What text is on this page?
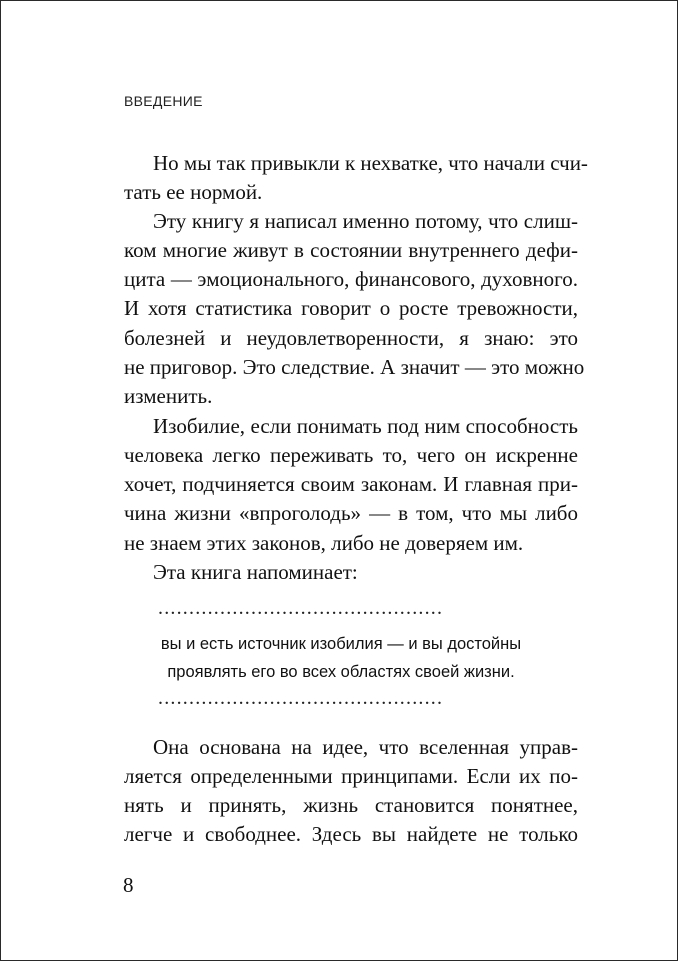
ВВЕДЕНИЕ
Но мы так привыкли к нехватке, что начали счи-
тать ее нормой.
Эту книгу я написал именно потому, что слиш-
ком многие живут в состоянии внутреннего дефи-
цита — эмоционального, финансового, духовного.
И хотя статистика говорит о росте тревожности,
болезней и неудовлетворенности, я знаю: это
не приговор. Это следствие. А значит — это можно
изменить.
Изобилие, если понимать под ним способность
человека легко переживать то, чего он искренне
хочет, подчиняется своим законам. И главная при-
чина жизни «впроголодь» — в том, что мы либо
не знаем этих законов, либо не доверяем им.
Эта книга напоминает:
..............................................
вы и есть источник изобилия — и вы достойны
проявлять его во всех областях своей жизни.
..............................................
Она основана на идее, что вселенная управ-
ляется определенными принципами. Если их по-
нять и принять, жизнь становится понятнее,
легче и свободнее. Здесь вы найдете не только
8
